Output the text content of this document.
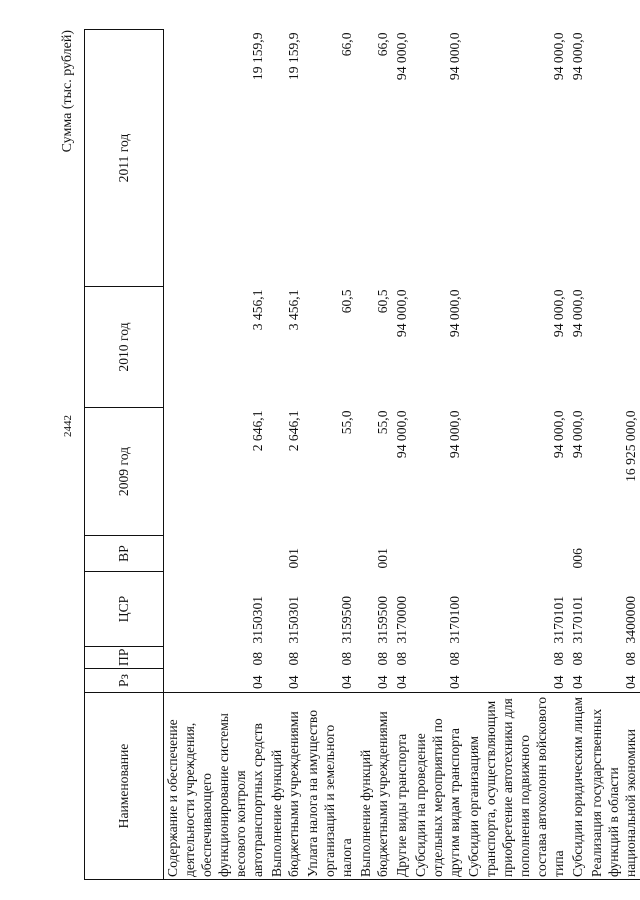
2442
Сумма (тыс. рублей)
Наименование	Рз	ПР	ЦСР	ВР	2009 год	2010 год	2011 год
Содержание и обеспечение деятельности учреждения, обеспечивающего функционирование системы весового контроля автотранспортных средств	04	08	3150301		2 646,1	3 456,1	19 159,9
Выполнение функций бюджетными учреждениями	04	08	3150301	001	2 646,1	3 456,1	19 159,9
Уплата налога на имущество организаций и земельного налога	04	08	3159500		55,0	60,5	66,0
Выполнение функций бюджетными учреждениями	04	08	3159500	001	55,0	60,5	66,0
Другие виды транспорта	04	08	3170000		94 000,0	94 000,0	94 000,0
Субсидии на проведение отдельных мероприятий по другим видам транспорта	04	08	3170100		94 000,0	94 000,0	94 000,0
Субсидии организациям транспорта, осуществляющим приобретение автотехники для пополнения подвижного состава автоколонн войскового типа	04	08	3170101		94 000,0	94 000,0	94 000,0
Субсидии юридическим лицам	04	08	3170101	006	94 000,0	94 000,0	94 000,0
Реализация государственных функций в области национальной экономики	04	08	3400000		16 925 000,0		
